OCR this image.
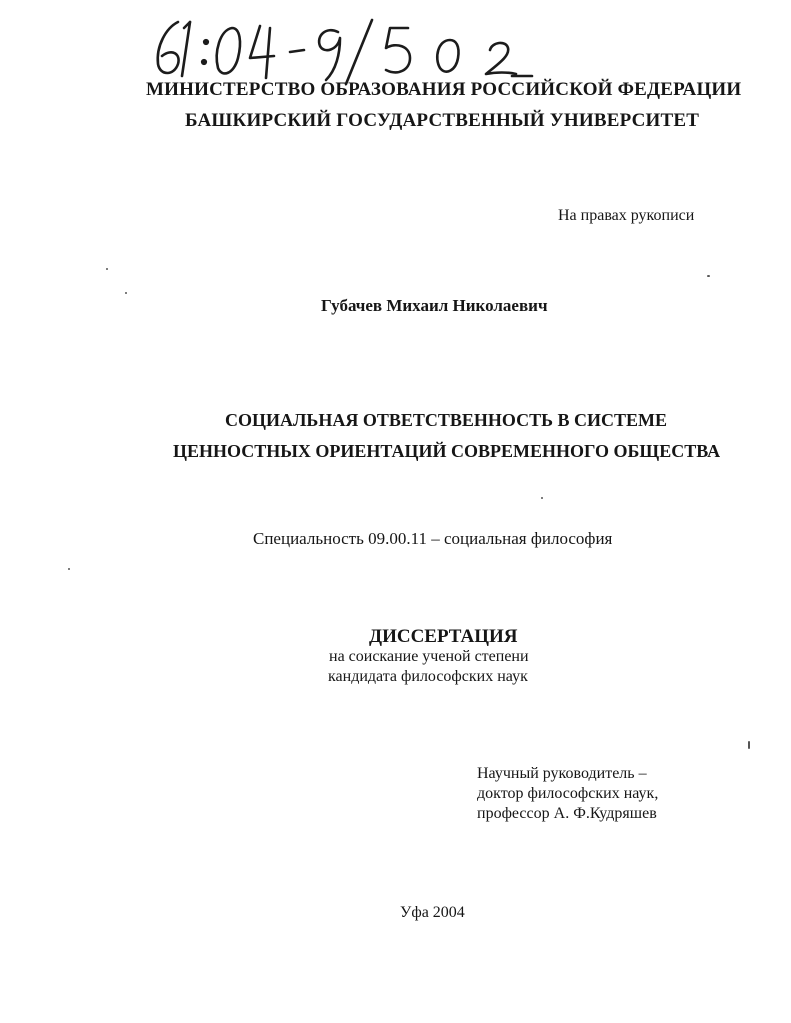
МИНИСТЕРСТВО ОБРАЗОВАНИЯ РОССИЙСКОЙ ФЕДЕРАЦИИ
БАШКИРСКИЙ ГОСУДАРСТВЕННЫЙ УНИВЕРСИТЕТ
На правах рукописи
Губачев Михаил Николаевич
СОЦИАЛЬНАЯ ОТВЕТСТВЕННОСТЬ В СИСТЕМЕ
ЦЕННОСТНЫХ ОРИЕНТАЦИЙ СОВРЕМЕННОГО ОБЩЕСТВА
Специальность 09.00.11 – социальная философия
ДИССЕРТАЦИЯ
на соискание ученой степени
кандидата философских наук
Научный руководитель –
доктор философских наук,
профессор А. Ф.Кудряшев
Уфа 2004
